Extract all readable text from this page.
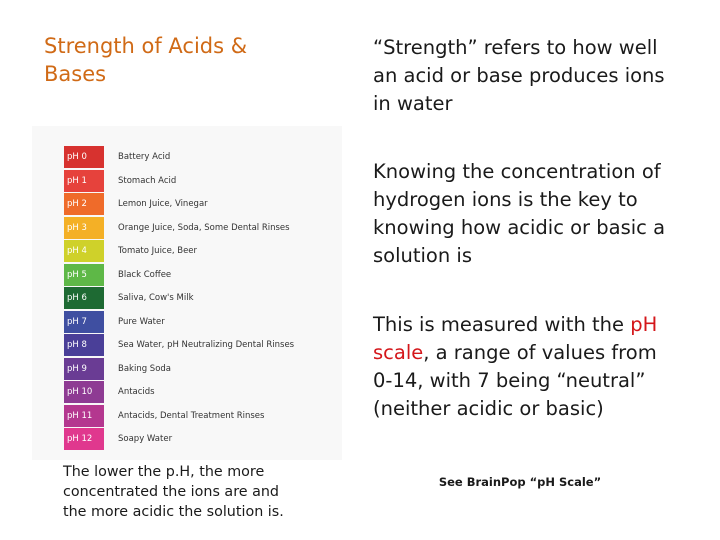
Strength of Acids & Bases
pH 0	Battery Acid
pH 1	Stomach Acid
pH 2	Lemon Juice, Vinegar
pH 3	Orange Juice, Soda, Some Dental Rinses
pH 4	Tomato Juice, Beer
pH 5	Black Coffee
pH 6	Saliva, Cow's Milk
pH 7	Pure Water
pH 8	Sea Water, pH Neutralizing Dental Rinses
pH 9	Baking Soda
pH 10	Antacids
pH 11	Antacids, Dental Treatment Rinses
pH 12	Soapy Water
The lower the p.H, the more concentrated the ions are and the more acidic the solution is.
“Strength” refers to how well an acid or base produces ions in water
Knowing the concentration of hydrogen ions is the key to knowing how acidic or basic a solution is
This is measured with the pH scale, a range of values from 0-14, with 7 being “neutral” (neither acidic or basic)
See BrainPop “pH Scale”
